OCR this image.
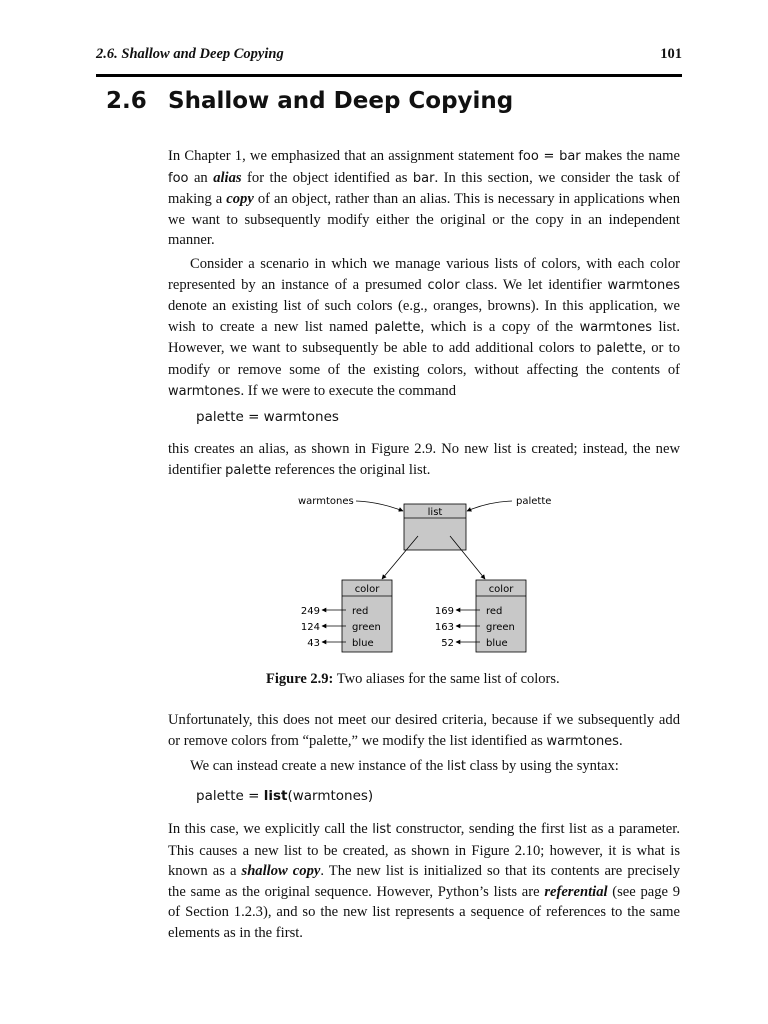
2.6. Shallow and Deep Copying	101
2.6 Shallow and Deep Copying

In Chapter 1, we emphasized that an assignment statement foo = bar makes the name foo an alias for the object identified as bar. In this section, we consider the task of making a copy of an object, rather than an alias. This is necessary in applications when we want to subsequently modify either the original or the copy in an independent manner.

Consider a scenario in which we manage various lists of colors, with each color represented by an instance of a presumed color class. We let identifier warmtones denote an existing list of such colors (e.g., oranges, browns). In this application, we wish to create a new list named palette, which is a copy of the warmtones list. However, we want to subsequently be able to add additional colors to palette, or to modify or remove some of the existing colors, without affecting the contents of warmtones. If we were to execute the command

palette = warmtones

this creates an alias, as shown in Figure 2.9. No new list is created; instead, the new identifier palette references the original list.

warmtones	palette
list
color
red
green
blue
249
124
43
color
red
green
blue
169
163
52
Figure 2.9: Two aliases for the same list of colors.

Unfortunately, this does not meet our desired criteria, because if we subsequently add or remove colors from “palette,” we modify the list identified as warmtones.

We can instead create a new instance of the list class by using the syntax:

palette = list(warmtones)

In this case, we explicitly call the list constructor, sending the first list as a parameter. This causes a new list to be created, as shown in Figure 2.10; however, it is what is known as a shallow copy. The new list is initialized so that its contents are precisely the same as the original sequence. However, Python’s lists are referential (see page 9 of Section 1.2.3), and so the new list represents a sequence of references to the same elements as in the first.
